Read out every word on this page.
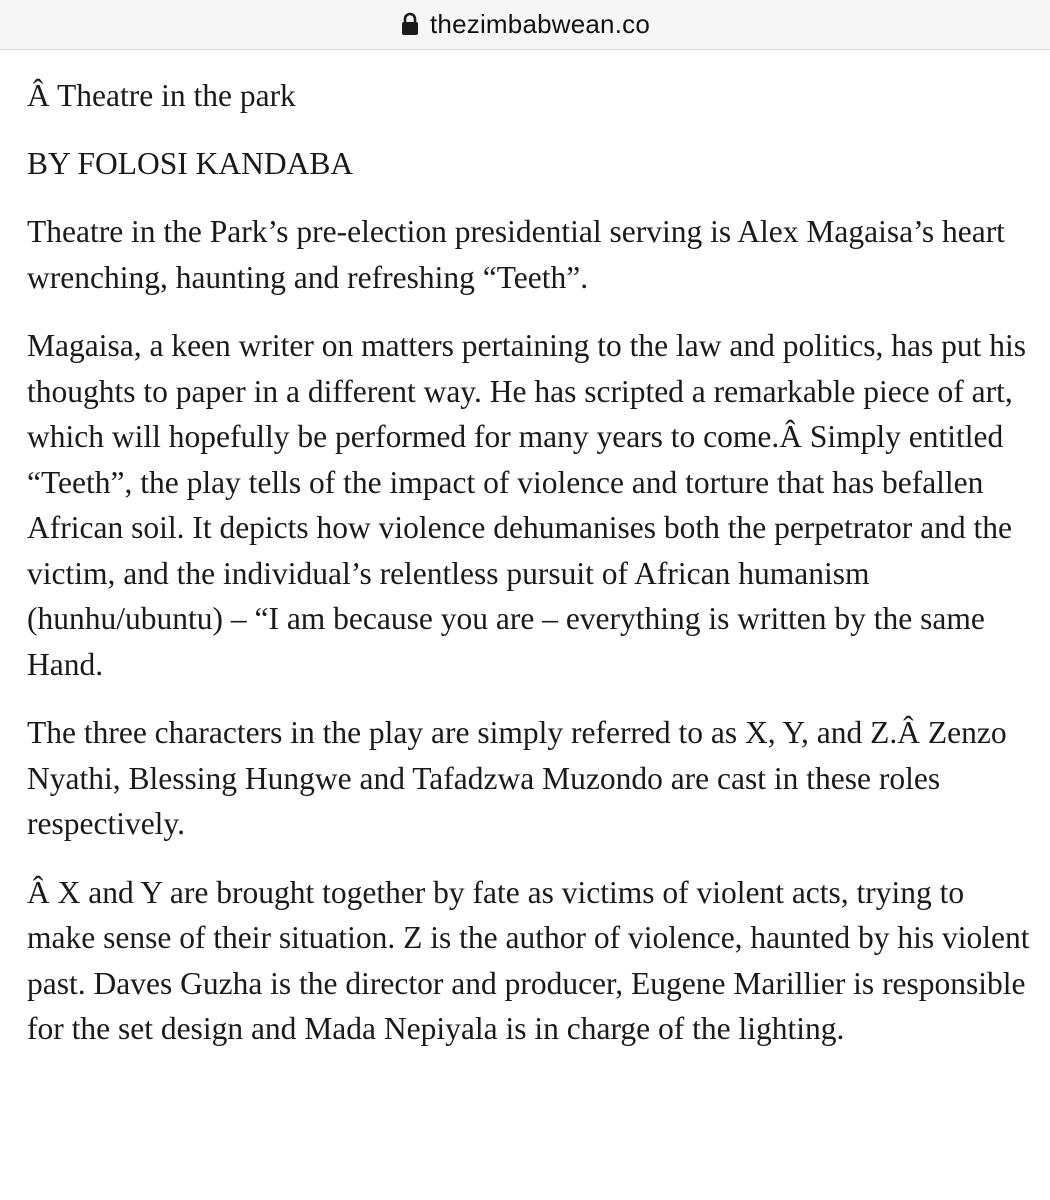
thezimbabwean.co

Â Theatre in the park

BY FOLOSI KANDABA

Theatre in the Park’s pre-election presidential serving is Alex Magaisa’s heart wrenching, haunting and refreshing “Teeth”.

Magaisa, a keen writer on matters pertaining to the law and politics, has put his thoughts to paper in a different way. He has scripted a remarkable piece of art, which will hopefully be performed for many years to come.Â Simply entitled “Teeth”, the play tells of the impact of violence and torture that has befallen African soil. It depicts how violence dehumanises both the perpetrator and the victim, and the individual’s relentless pursuit of African humanism (hunhu/ubuntu) – “I am because you are – everything is written by the same Hand.

The three characters in the play are simply referred to as X, Y, and Z.Â Zenzo Nyathi, Blessing Hungwe and Tafadzwa Muzondo are cast in these roles respectively.

Â X and Y are brought together by fate as victims of violent acts, trying to make sense of their situation. Z is the author of violence, haunted by his violent past. Daves Guzha is the director and producer, Eugene Marillier is responsible for the set design and Mada Nepiyala is in charge of the lighting.
